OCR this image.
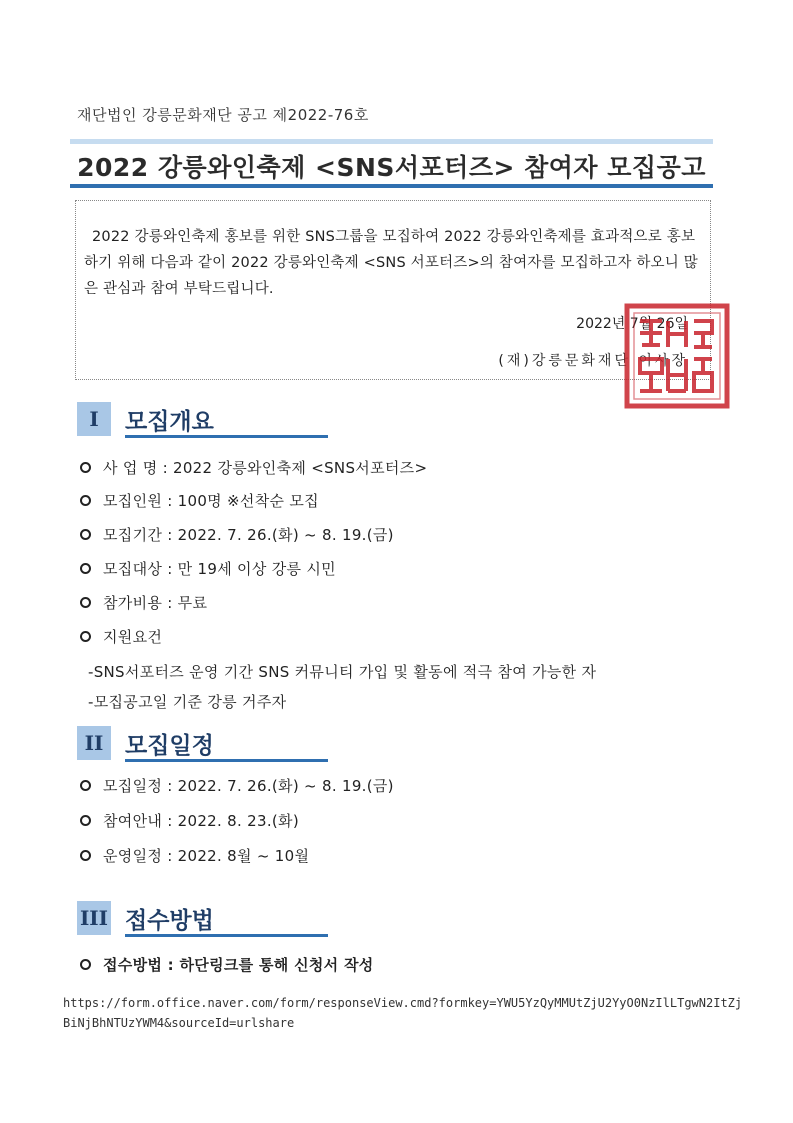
재단법인 강릉문화재단 공고 제2022-76호
2022 강릉와인축제 <SNS서포터즈> 참여자 모집공고
2022 강릉와인축제 홍보를 위한 SNS그룹을 모집하여 2022 강릉와인축제를 효과적으로 홍보하기 위해 다음과 같이 2022 강릉와인축제 <SNS 서포터즈>의 참여자를 모집하고자 하오니 많은 관심과 참여 부탁드립니다.
2022년 7월 26일
(재)강릉문화재단 이사장
I	모집개요
사 업 명 : 2022 강릉와인축제 <SNS서포터즈>
모집인원 : 100명 ※선착순 모집
모집기간 : 2022. 7. 26.(화) ~ 8. 19.(금)
모집대상 : 만 19세 이상 강릉 시민
참가비용 : 무료
지원요건
-SNS서포터즈 운영 기간 SNS 커뮤니티 가입 및 활동에 적극 참여 가능한 자
-모집공고일 기준 강릉 거주자
II 모집일정
모집일정 : 2022. 7. 26.(화) ~ 8. 19.(금)
참여안내 : 2022. 8. 23.(화)
운영일정 : 2022. 8월 ~ 10월
III 접수방법
접수방법 : 하단링크를 통해 신청서 작성
https://form.office.naver.com/form/responseView.cmd?formkey=YWU5YzQyMMUtZjU2YyO0NzIlLTgwN2ItZjBiNjBhNTUzYWM4&sourceId=urlshare
